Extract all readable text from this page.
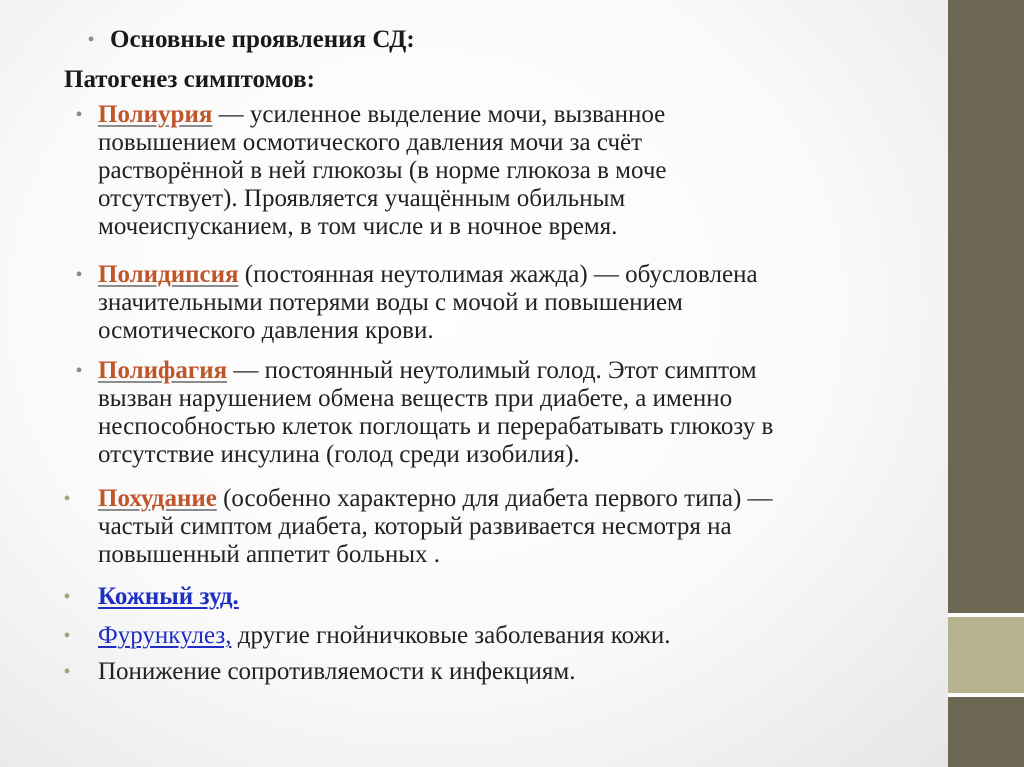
• Основные проявления СД:
Патогенез симптомов:
• Полиурия — усиленное выделение мочи, вызванное
повышением осмотического давления мочи за счёт
растворённой в ней глюкозы (в норме глюкоза в моче
отсутствует). Проявляется учащённым обильным
мочеиспусканием, в том числе и в ночное время.
• Полидипсия (постоянная неутолимая жажда) — обусловлена
значительными потерями воды с мочой и повышением
осмотического давления крови.
• Полифагия — постоянный неутолимый голод. Этот симптом
вызван нарушением обмена веществ при диабете, а именно
неспособностью клеток поглощать и перерабатывать глюкозу в
отсутствие инсулина (голод среди изобилия).
• Похудание (особенно характерно для диабета первого типа) —
частый симптом диабета, который развивается несмотря на
повышенный аппетит больных .
• Кожный зуд.
• Фурункулез, другие гнойничковые заболевания кожи.
• Понижение сопротивляемости к инфекциям.
